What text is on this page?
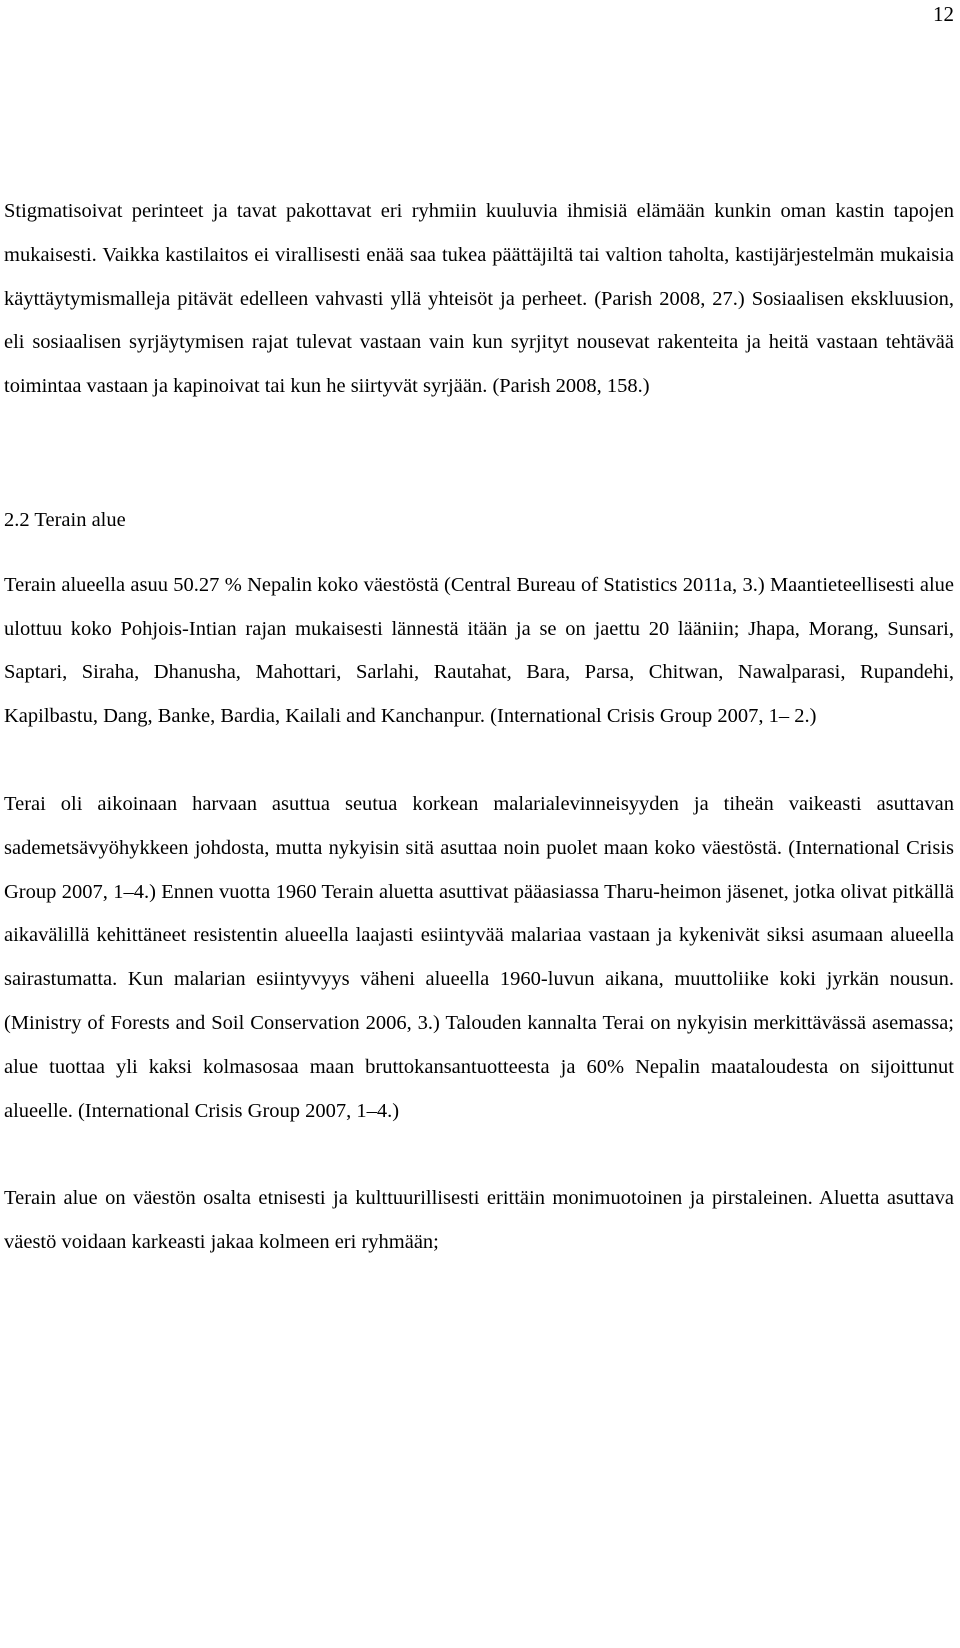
12

Stigmatisoivat perinteet ja tavat pakottavat eri ryhmiin kuuluvia ihmisiä elämään kunkin oman kastin tapojen mukaisesti. Vaikka kastilaitos ei virallisesti enää saa tukea päättäjiltä tai valtion taholta, kastijärjestelmän mukaisia käyttäytymismalleja pitävät edelleen vahvasti yllä yhteisöt ja perheet. (Parish 2008, 27.) Sosiaalisen ekskluusion, eli sosiaalisen syrjäytymisen rajat tulevat vastaan vain kun syrjityt nousevat rakenteita ja heitä vastaan tehtävää toimintaa vastaan ja kapinoivat tai kun he siirtyvät syrjään. (Parish 2008, 158.)

2.2 Terain alue

Terain alueella asuu 50.27 % Nepalin koko väestöstä (Central Bureau of Statistics 2011a, 3.) Maantieteellisesti alue ulottuu koko Pohjois-Intian rajan mukaisesti lännestä itään ja se on jaettu 20 lääniin; Jhapa, Morang, Sunsari, Saptari, Siraha, Dhanusha, Mahottari, Sarlahi, Rautahat, Bara, Parsa, Chitwan, Nawalparasi, Rupandehi, Kapilbastu, Dang, Banke, Bardia, Kailali and Kanchanpur. (International Crisis Group 2007, 1– 2.)

Terai oli aikoinaan harvaan asuttua seutua korkean malarialevinneisyyden ja tiheän vaikeasti asuttavan sademetsävyöhykkeen johdosta, mutta nykyisin sitä asuttaa noin puolet maan koko väestöstä. (International Crisis Group 2007, 1–4.) Ennen vuotta 1960 Terain aluetta asuttivat pääasiassa Tharu-heimon jäsenet, jotka olivat pitkällä aikavälillä kehittäneet resistentin alueella laajasti esiintyvää malariaa vastaan ja kykenivät siksi asumaan alueella sairastumatta. Kun malarian esiintyvyys väheni alueella 1960-luvun aikana, muuttoliike koki jyrkän nousun. (Ministry of Forests and Soil Conservation 2006, 3.) Talouden kannalta Terai on nykyisin merkittävässä asemassa; alue tuottaa yli kaksi kolmasosaa maan bruttokansantuotteesta ja 60% Nepalin maataloudesta on sijoittunut alueelle. (International Crisis Group 2007, 1–4.)

Terain alue on väestön osalta etnisesti ja kulttuurillisesti erittäin monimuotoinen ja pirstaleinen. Aluetta asuttava väestö voidaan karkeasti jakaa kolmeen eri ryhmään;
